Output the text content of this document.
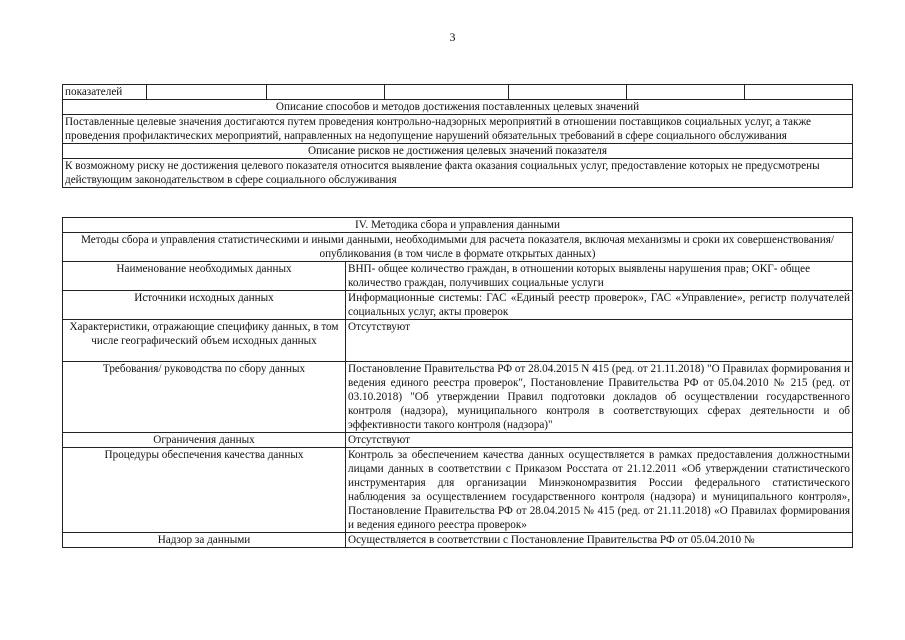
3
показателей						
Описание способов и методов достижения поставленных целевых значений
Поставленные целевые значения достигаются путем проведения контрольно-надзорных мероприятий в отношении поставщиков социальных услуг, а также проведения профилактических мероприятий, направленных на недопущение нарушений обязательных требований в сфере социального обслуживания
Описание рисков не достижения целевых значений показателя
К возможному риску не достижения целевого показателя относится выявление факта оказания социальных услуг, предоставление которых не предусмотрены действующим законодательством в сфере социального обслуживания
IV. Методика сбора и управления данными	
Методы сбора и управления статистическими и иными данными, необходимыми для расчета показателя, включая механизмы и сроки их совершенствования/опубликования (в том числе в формате открытых данных)	
Наименование необходимых данных	ВНП- общее количество граждан, в отношении которых выявлены нарушения прав; ОКГ- общее количество граждан, получивших социальные услуги
Источники исходных данных	Информационные системы: ГАС «Единый реестр проверок», ГАС «Управление», регистр получателей социальных услуг, акты проверок
Характеристики, отражающие специфику данных, в том числе географический объем исходных данных	Отсутствуют
Требования/ руководства по сбору данных	Постановление Правительства РФ от 28.04.2015 N 415 (ред. от 21.11.2018) "О Правилах формирования и ведения единого реестра проверок", Постановление Правительства РФ от 05.04.2010 № 215 (ред. от 03.10.2018) "Об утверждении Правил подготовки докладов об осуществлении государственного контроля (надзора), муниципального контроля в соответствующих сферах деятельности и об эффективности такого контроля (надзора)"
Ограничения данных	Отсутствуют
Процедуры обеспечения качества данных	Контроль за обеспечением качества данных осуществляется в рамках предоставления должностными лицами данных в соответствии с Приказом Росстата от 21.12.2011 «Об утверждении статистического инструментария для организации Минэкономразвития России федерального статистического наблюдения за осуществлением государственного контроля (надзора) и муниципального контроля», Постановление Правительства РФ от 28.04.2015 № 415 (ред. от 21.11.2018) «О Правилах формирования и ведения единого реестра проверок»
Надзор за данными	Осуществляется в соответствии с Постановление Правительства РФ от 05.04.2010 №
